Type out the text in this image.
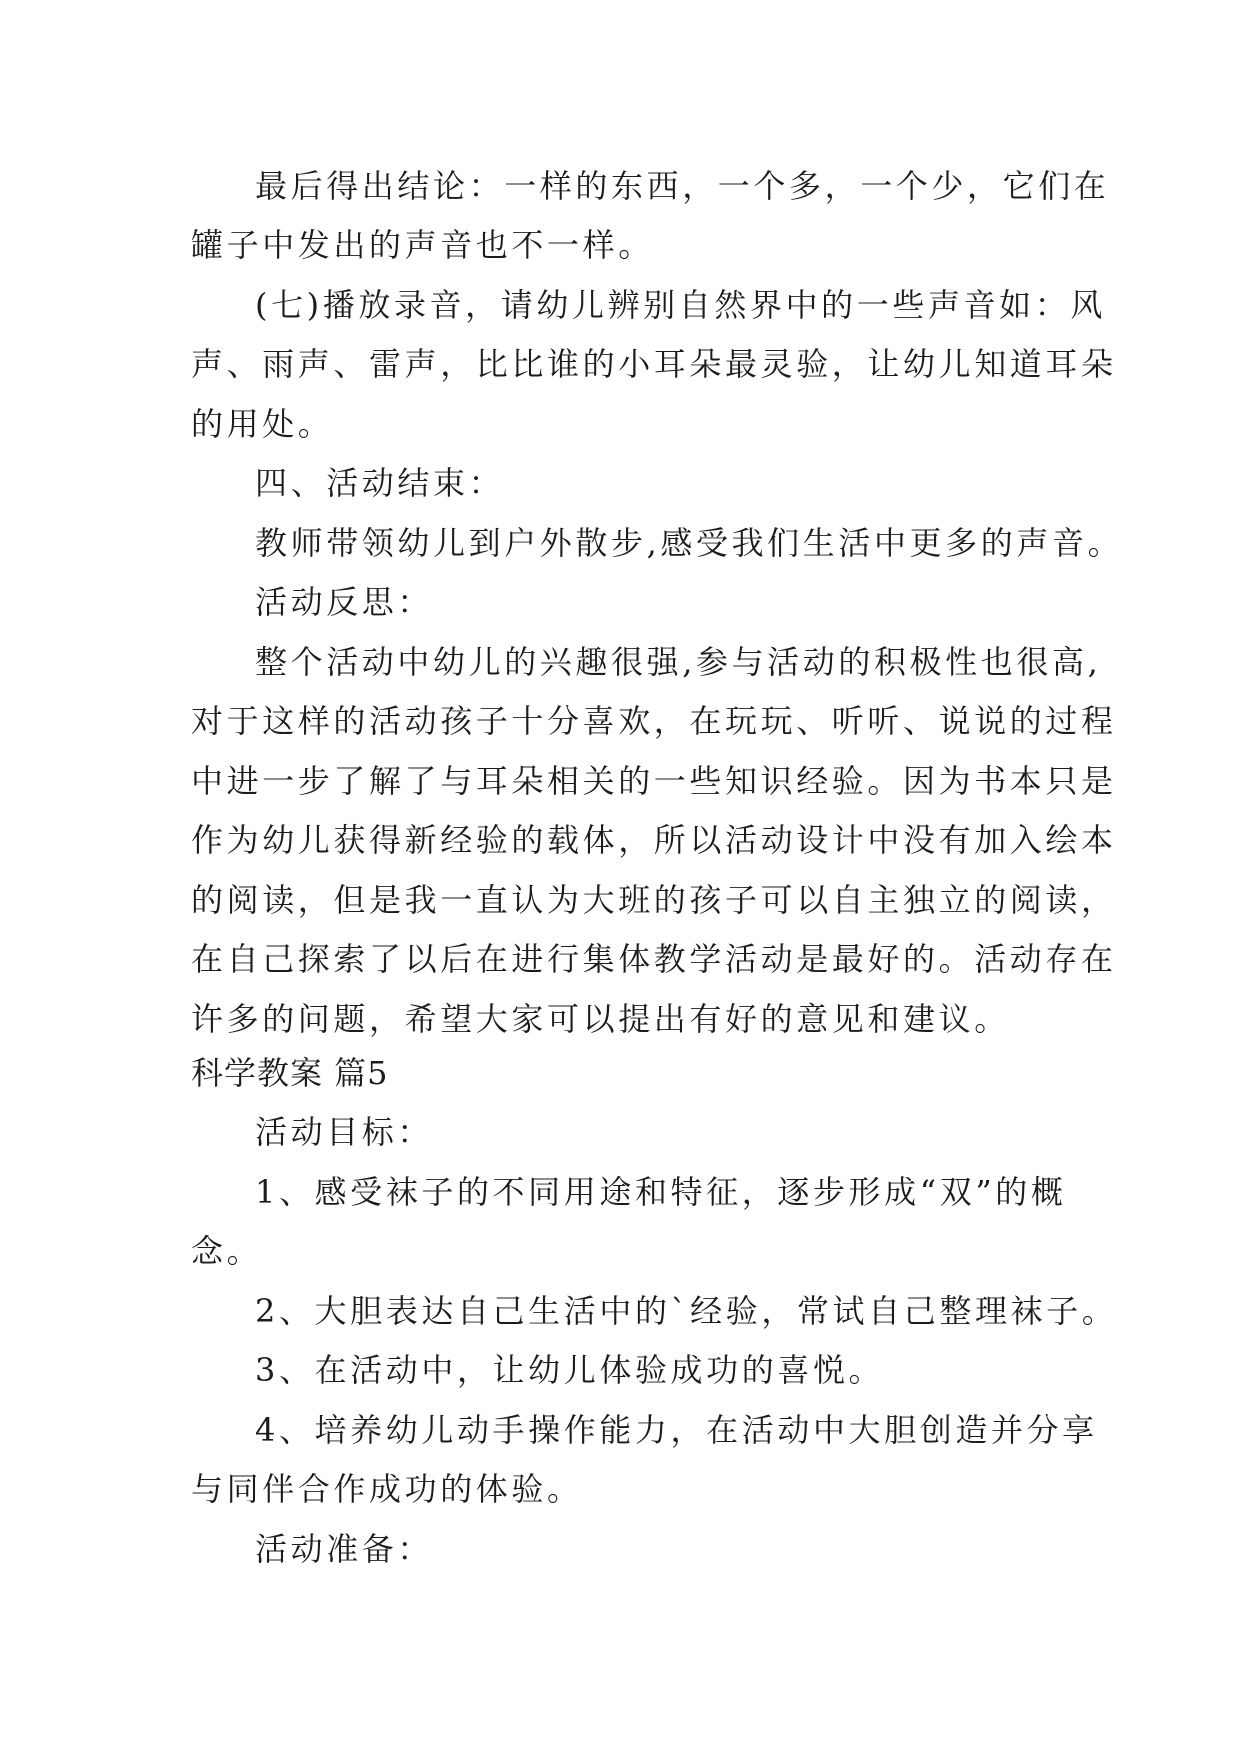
最后得出结论：一样的东西，一个多，一个少，它们在

罐子中发出的声音也不一样。

(七)播放录音，请幼儿辨别自然界中的一些声音如：风

声、雨声、雷声，比比谁的小耳朵最灵验，让幼儿知道耳朵

的用处。

四、活动结束：

教师带领幼儿到户外散步,感受我们生活中更多的声音。

活动反思：

整个活动中幼儿的兴趣很强,参与活动的积极性也很高,

对于这样的活动孩子十分喜欢，在玩玩、听听、说说的过程

中进一步了解了与耳朵相关的一些知识经验。因为书本只是

作为幼儿获得新经验的载体，所以活动设计中没有加入绘本

的阅读，但是我一直认为大班的孩子可以自主独立的阅读，

在自己探索了以后在进行集体教学活动是最好的。活动存在

许多的问题，希望大家可以提出有好的意见和建议。

科学教案 篇5

活动目标：

1、感受袜子的不同用途和特征，逐步形成“双”的概

念。

2、大胆表达自己生活中的`经验，常试自己整理袜子。

3、在活动中，让幼儿体验成功的喜悦。

4、培养幼儿动手操作能力，在活动中大胆创造并分享

与同伴合作成功的体验。

活动准备：
